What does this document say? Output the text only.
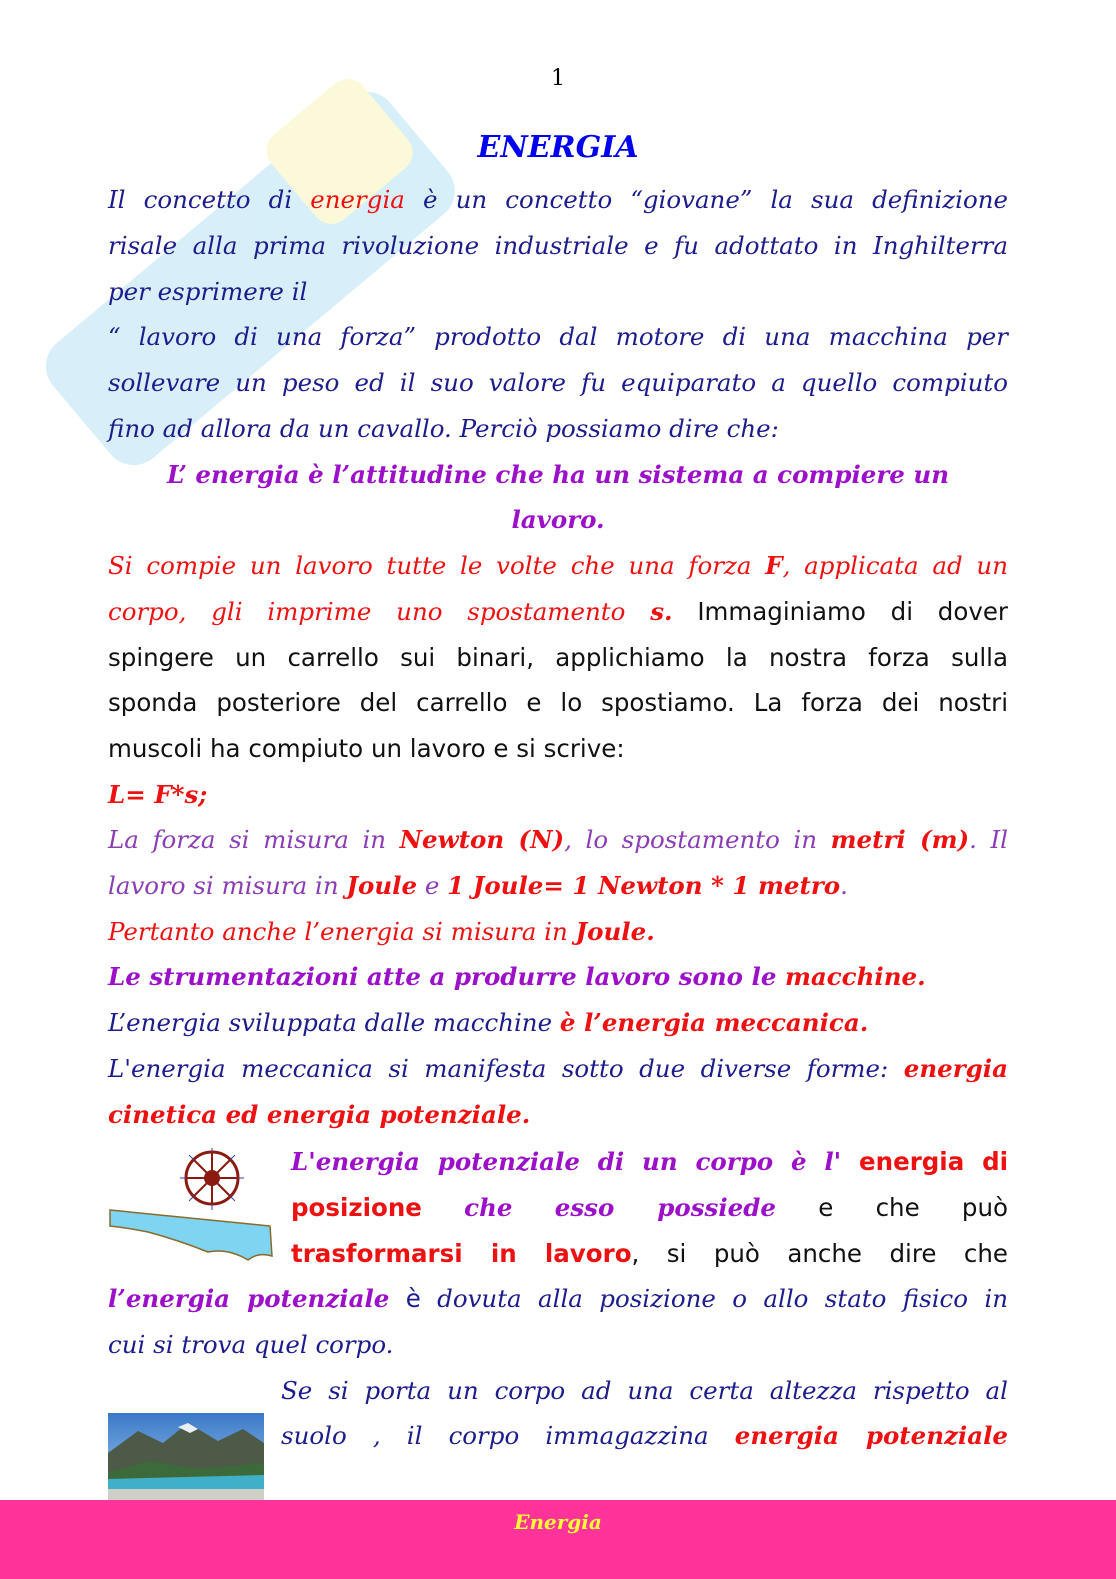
1
ENERGIA
Il concetto di energia è un concetto “giovane” la sua definizione
risale alla prima rivoluzione industriale e fu adottato in Inghilterra
per esprimere il
“ lavoro di una forza” prodotto dal motore di una macchina per
sollevare un peso ed il suo valore fu equiparato a quello compiuto
fino ad allora da un cavallo. Perciò possiamo dire che:
L’ energia è l’attitudine che ha un sistema a compiere un
lavoro.
Si compie un lavoro tutte le volte che una forza F, applicata ad un
corpo, gli imprime uno spostamento s. Immaginiamo di dover
spingere un carrello sui binari, applichiamo la nostra forza sulla
sponda posteriore del carrello e lo spostiamo. La forza dei nostri
muscoli ha compiuto un lavoro e si scrive:
L= F*s;
La forza si misura in Newton (N), lo spostamento in metri (m). Il
lavoro si misura in Joule e 1 Joule= 1 Newton * 1 metro.
Pertanto anche l’energia si misura in Joule.
Le strumentazioni atte a produrre lavoro sono le macchine.
L’energia sviluppata dalle macchine è l’energia meccanica.
L'energia meccanica si manifesta sotto due diverse forme: energia
cinetica ed energia potenziale.
L'energia potenziale di un corpo è l' energia di
posizione che esso possiede e che può
trasformarsi in lavoro, si può anche dire che
l’energia potenziale è dovuta alla posizione o allo stato fisico in
cui si trova quel corpo.
Se si porta un corpo ad una certa altezza rispetto al
suolo , il corpo immagazzina energia potenziale
Energia
